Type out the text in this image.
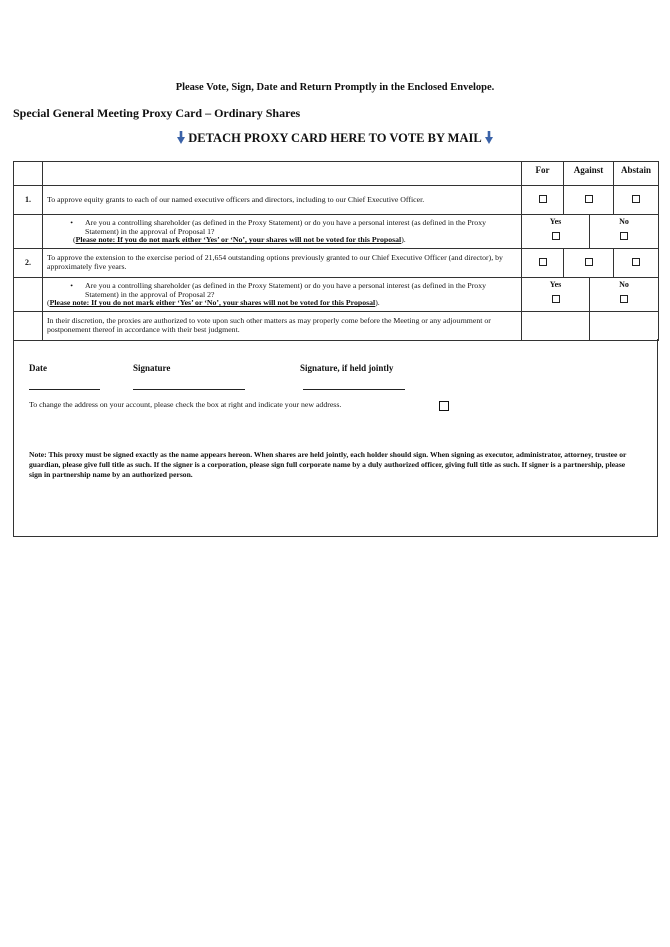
Please Vote, Sign, Date and Return Promptly in the Enclosed Envelope.
Special General Meeting Proxy Card – Ordinary Shares
DETACH PROXY CARD HERE TO VOTE BY MAIL
		For	Against		Abstain
1.	To approve equity grants to each of our named executive officers and directors, including to our Chief Executive Officer.				

	• Are you a controlling shareholder (as defined in the Proxy Statement) or do you have a personal interest (as defined in the Proxy Statement) in the approval of Proposal 1?
(Please note: If you do not mark either ‘Yes’ or ‘No’, your shares will not be voted for this Proposal).	Yes		No	

2.	To approve the extension to the exercise period of 21,654 outstanding options previously granted to our Chief Executive Officer (and director), by approximately five years.				

	• Are you a controlling shareholder (as defined in the Proxy Statement) or do you have a personal interest (as defined in the Proxy Statement) in the approval of Proposal 2?
(Please note: If you do not mark either ‘Yes’ or ‘No’, your shares will not be voted for this Proposal).	Yes		No	

	In their discretion, the proxies are authorized to vote upon such other matters as may properly come before the Meeting or any adjournment or postponement thereof in accordance with their best judgment.				
Date	Signature	Signature, if held jointly
To change the address on your account, please check the box at right and indicate your new address.
Note: This proxy must be signed exactly as the name appears hereon. When shares are held jointly, each holder should sign. When signing as executor, administrator, attorney, trustee or guardian, please give full title as such. If the signer is a corporation, please sign full corporate name by a duly authorized officer, giving full title as such. If signer is a partnership, please sign in partnership name by an authorized person.
